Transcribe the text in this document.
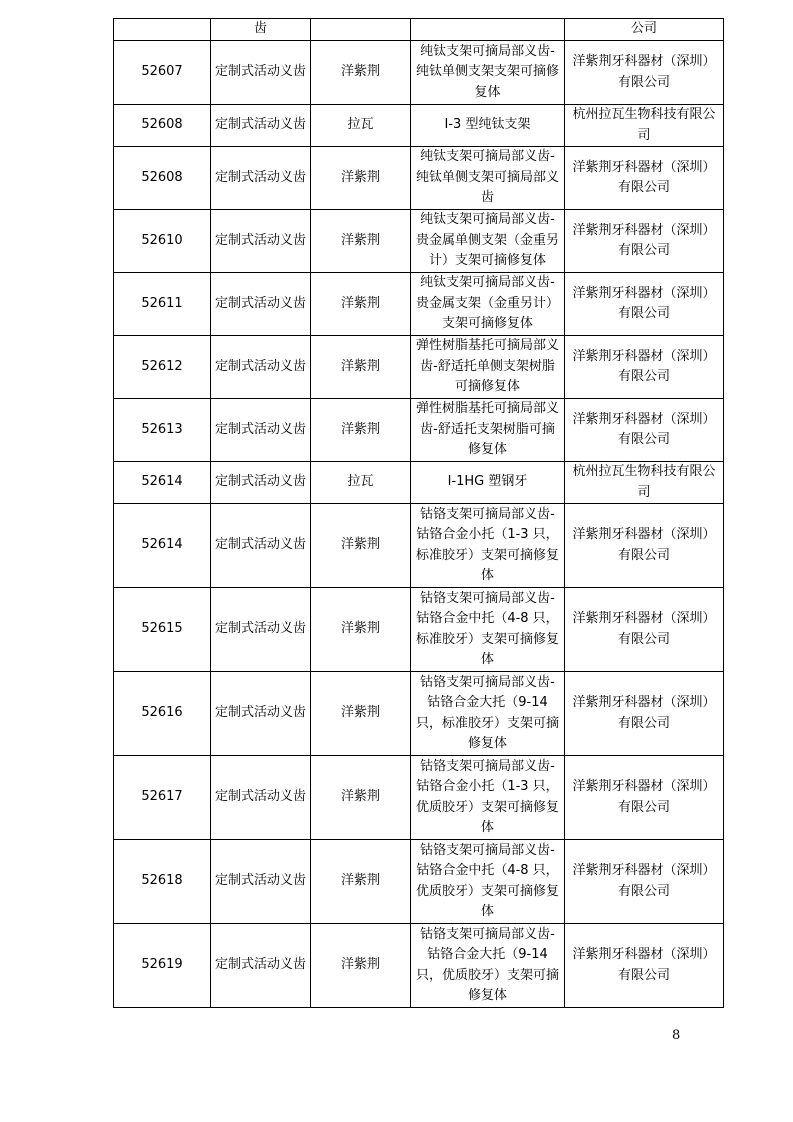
	齿			公司
52607	定制式活动义齿	洋紫荆	纯钛支架可摘局部义齿-纯钛单侧支架支架可摘修复体	洋紫荆牙科器材（深圳）有限公司
52608	定制式活动义齿	拉瓦	I-3 型纯钛支架	杭州拉瓦生物科技有限公司
52608	定制式活动义齿	洋紫荆	纯钛支架可摘局部义齿-纯钛单侧支架可摘局部义齿	洋紫荆牙科器材（深圳）有限公司
52610	定制式活动义齿	洋紫荆	纯钛支架可摘局部义齿-贵金属单侧支架（金重另计）支架可摘修复体	洋紫荆牙科器材（深圳）有限公司
52611	定制式活动义齿	洋紫荆	纯钛支架可摘局部义齿-贵金属支架（金重另计）支架可摘修复体	洋紫荆牙科器材（深圳）有限公司
52612	定制式活动义齿	洋紫荆	弹性树脂基托可摘局部义齿-舒适托单侧支架树脂可摘修复体	洋紫荆牙科器材（深圳）有限公司
52613	定制式活动义齿	洋紫荆	弹性树脂基托可摘局部义齿-舒适托支架树脂可摘修复体	洋紫荆牙科器材（深圳）有限公司
52614	定制式活动义齿	拉瓦	I-1HG 塑钢牙	杭州拉瓦生物科技有限公司
52614	定制式活动义齿	洋紫荆	钴铬支架可摘局部义齿-钴铬合金小托（1-3 只，标准胶牙）支架可摘修复体	洋紫荆牙科器材（深圳）有限公司
52615	定制式活动义齿	洋紫荆	钴铬支架可摘局部义齿-钴铬合金中托（4-8 只，标准胶牙）支架可摘修复体	洋紫荆牙科器材（深圳）有限公司
52616	定制式活动义齿	洋紫荆	钴铬支架可摘局部义齿-钴铬合金大托（9-14 只，标准胶牙）支架可摘修复体	洋紫荆牙科器材（深圳）有限公司
52617	定制式活动义齿	洋紫荆	钴铬支架可摘局部义齿-钴铬合金小托（1-3 只，优质胶牙）支架可摘修复体	洋紫荆牙科器材（深圳）有限公司
52618	定制式活动义齿	洋紫荆	钴铬支架可摘局部义齿-钴铬合金中托（4-8 只，优质胶牙）支架可摘修复体	洋紫荆牙科器材（深圳）有限公司
52619	定制式活动义齿	洋紫荆	钴铬支架可摘局部义齿-钴铬合金大托（9-14 只，优质胶牙）支架可摘修复体	洋紫荆牙科器材（深圳）有限公司
8
